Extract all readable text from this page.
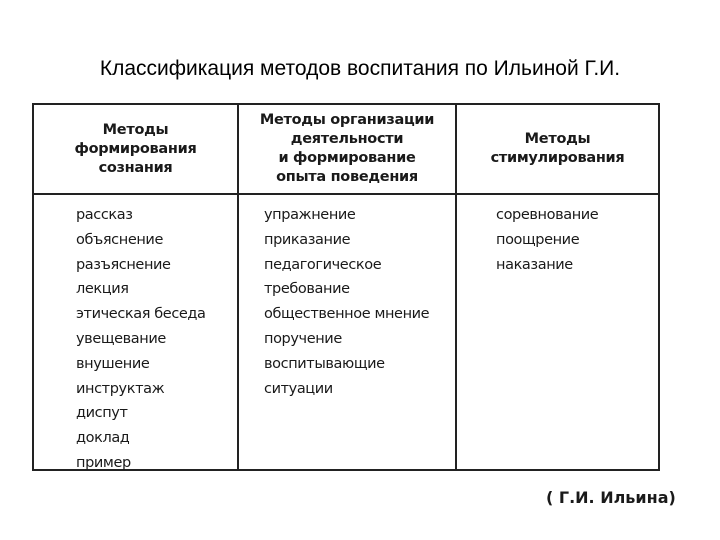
Классификация методов воспитания по Ильиной Г.И.
Методы
формирования
сознания
Методы организации
деятельности
и формирование
опыта поведения
Методы
стимулирования
рассказ
объяснение
разъяснение
лекция
этическая беседа
увещевание
внушение
инструктаж
диспут
доклад
пример
упражнение
приказание
педагогическое
требование
общественное мнение
поручение
воспитывающие
ситуации
соревнование
поощрение
наказание
( Г.И. Ильина)
